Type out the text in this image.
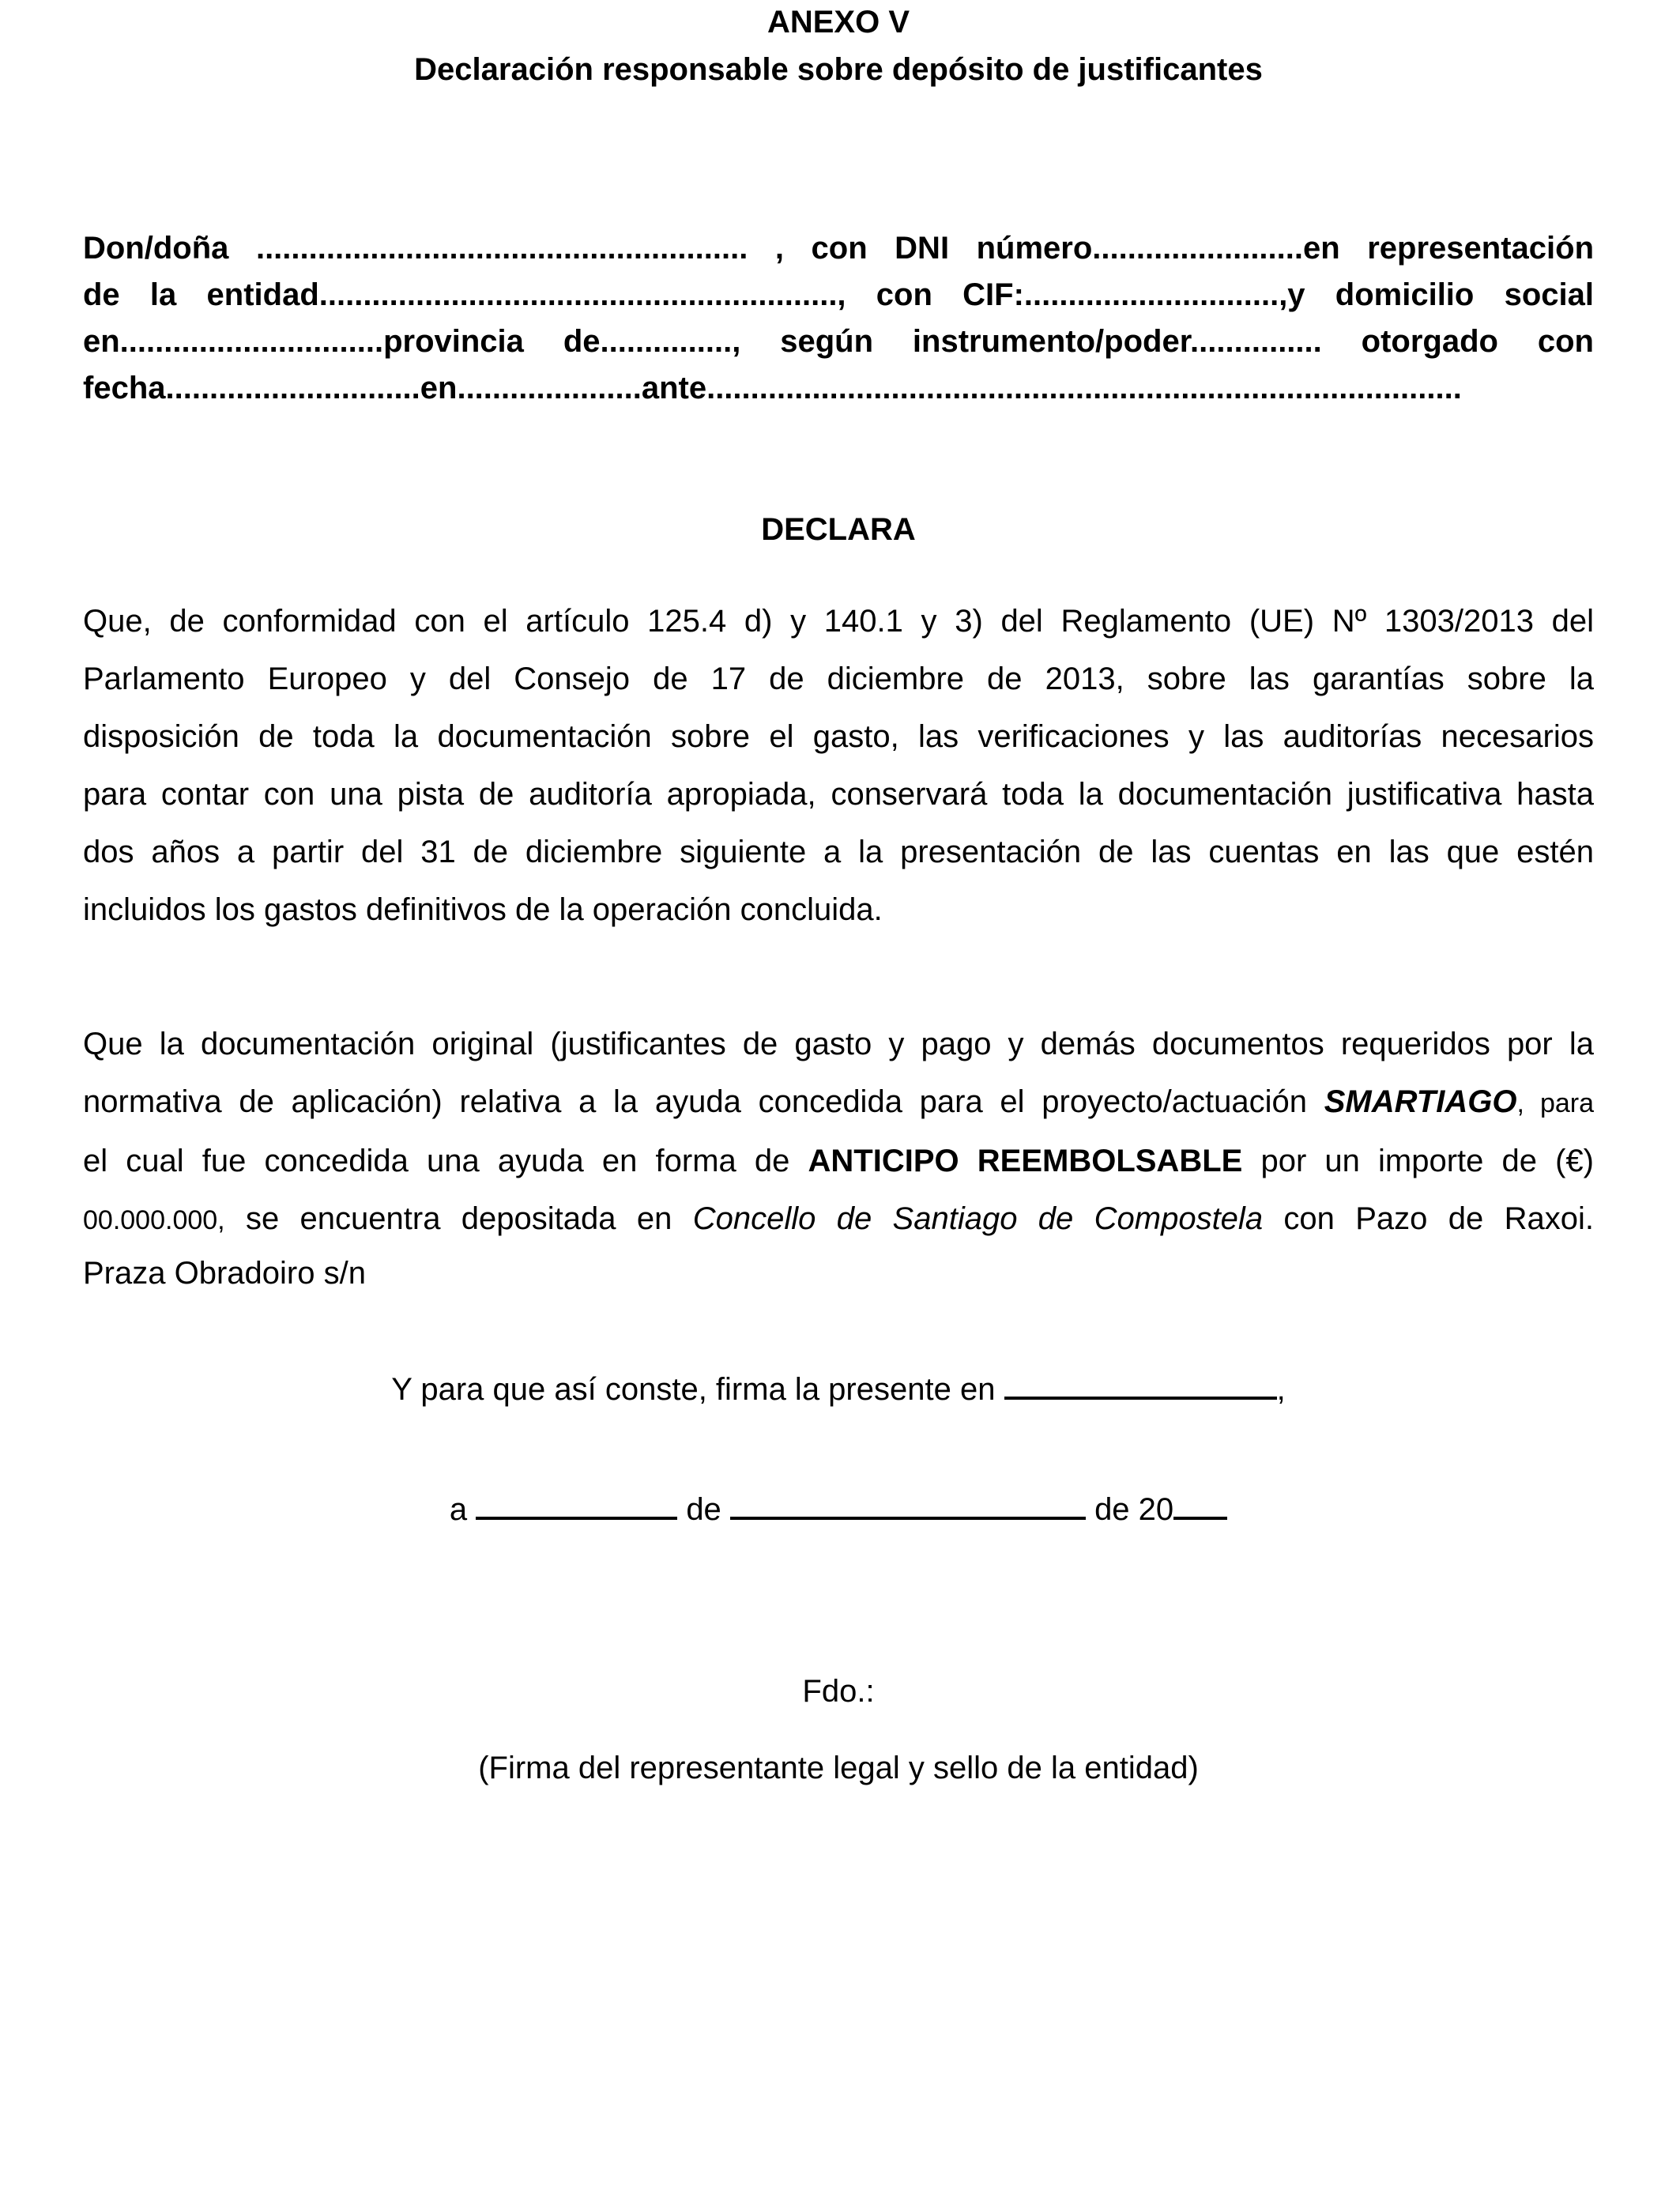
ANEXO V
Declaración responsable sobre depósito de justificantes
Don/doña ........................................................ , con DNI número........................en representación
de la entidad..........................................................., con CIF:.............................,y domicilio social
en..............................provincia de..............., según instrumento/poder............... otorgado con
fecha.............................en.....................ante......................................................................................
DECLARA
Que, de conformidad con el artículo 125.4 d) y 140.1 y 3) del Reglamento (UE) Nº 1303/2013 del
Parlamento Europeo y del Consejo de 17 de diciembre de 2013, sobre las garantías sobre la
disposición de toda la documentación sobre el gasto, las verificaciones y las auditorías necesarios
para contar con una pista de auditoría apropiada, conservará toda la documentación justificativa hasta
dos años a partir del 31 de diciembre siguiente a la presentación de las cuentas en las que estén
incluidos los gastos definitivos de la operación concluida.
Que la documentación original (justificantes de gasto y pago y demás documentos requeridos por la
normativa de aplicación) relativa a la ayuda concedida para el proyecto/actuación SMARTIAGO, para
el cual fue concedida una ayuda en forma de ANTICIPO REEMBOLSABLE por un importe de (€)
00.000.000, se encuentra depositada en Concello de Santiago de Compostela con Pazo de Raxoi.
Praza Obradoiro s/n
Y para que así conste, firma la presente en	,
a	de	de 20
Fdo.:
(Firma del representante legal y sello de la entidad)
